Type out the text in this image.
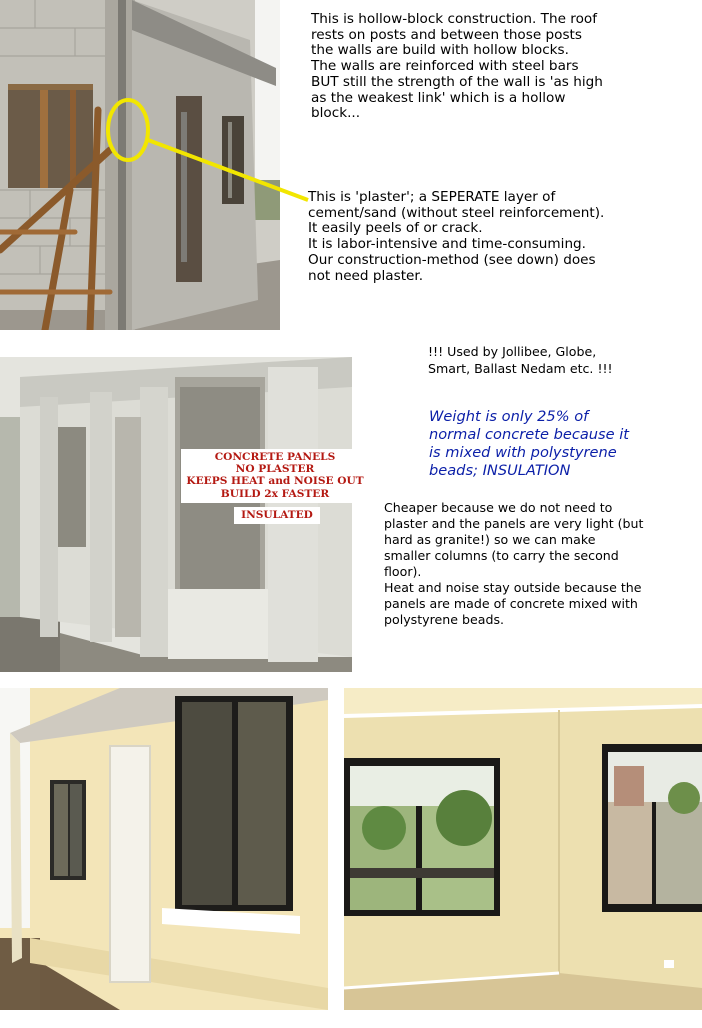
This is hollow-block construction. The roof
rests on posts and between those posts
the walls are build with hollow blocks.
The walls are reinforced with steel bars
BUT still the strength of the wall is 'as high
as the weakest link' which is a hollow
block...
This is 'plaster'; a SEPERATE layer of
cement/sand (without steel reinforcement).
It easily peels of or crack.
It is labor-intensive and time-consuming.
Our construction-method (see down) does
not need plaster.
CONCRETE PANELS
NO PLASTER
KEEPS HEAT and NOISE OUT
BUILD 2x FASTER
INSULATED
!!! Used by Jollibee, Globe,
Smart, Ballast Nedam etc. !!!
Weight is only 25% of
normal concrete because it
is mixed with polystyrene
beads; INSULATION
Cheaper because we do not need to
plaster and the panels are very light (but
hard as granite!) so we can make
smaller columns (to carry the second
floor).
Heat and noise stay outside because the
panels are made of concrete mixed with
polystyrene beads.
